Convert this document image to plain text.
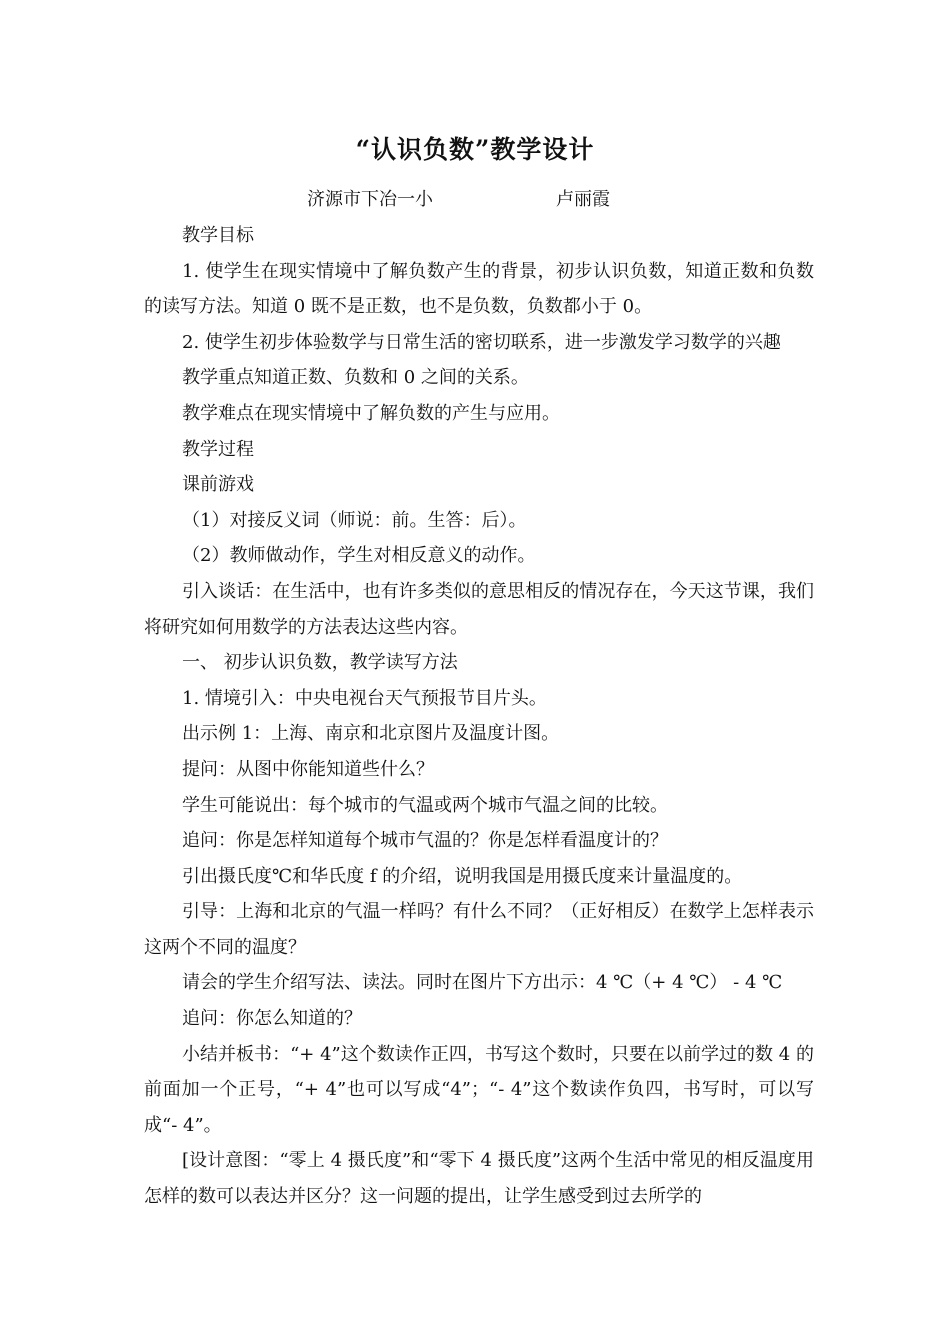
“认识负数”教学设计
济源市下冶一小	卢丽霞

教学目标

1. 使学生在现实情境中了解负数产生的背景，初步认识负数，知道正数和负数的读写方法。知道 0 既不是正数，也不是负数，负数都小于 0。

2. 使学生初步体验数学与日常生活的密切联系，进一步激发学习数学的兴趣

教学重点知道正数、负数和 0 之间的关系。

教学难点在现实情境中了解负数的产生与应用。

教学过程

课前游戏

（1）对接反义词（师说：前。生答：后）。

（2）教师做动作，学生对相反意义的动作。

引入谈话：在生活中，也有许多类似的意思相反的情况存在，今天这节课，我们将研究如何用数学的方法表达这些内容。

一、 初步认识负数，教学读写方法

1. 情境引入：中央电视台天气预报节目片头。

出示例 1：上海、南京和北京图片及温度计图。

提问：从图中你能知道些什么？

学生可能说出：每个城市的气温或两个城市气温之间的比较。

追问：你是怎样知道每个城市气温的？你是怎样看温度计的？

引出摄氏度℃和华氏度 f 的介绍，说明我国是用摄氏度来计量温度的。

引导：上海和北京的气温一样吗？有什么不同？（正好相反）在数学上怎样表示这两个不同的温度？

请会的学生介绍写法、读法。同时在图片下方出示：4 ℃（+ 4 ℃） - 4 ℃

追问：你怎么知道的？

小结并板书：“+ 4”这个数读作正四，书写这个数时，只要在以前学过的数 4 的前面加一个正号，“+ 4”也可以写成“4”；“- 4”这个数读作负四，书写时，可以写成“- 4”。

[设计意图：“零上 4 摄氏度”和“零下 4 摄氏度”这两个生活中常见的相反温度用怎样的数可以表达并区分？这一问题的提出，让学生感受到过去所学的
